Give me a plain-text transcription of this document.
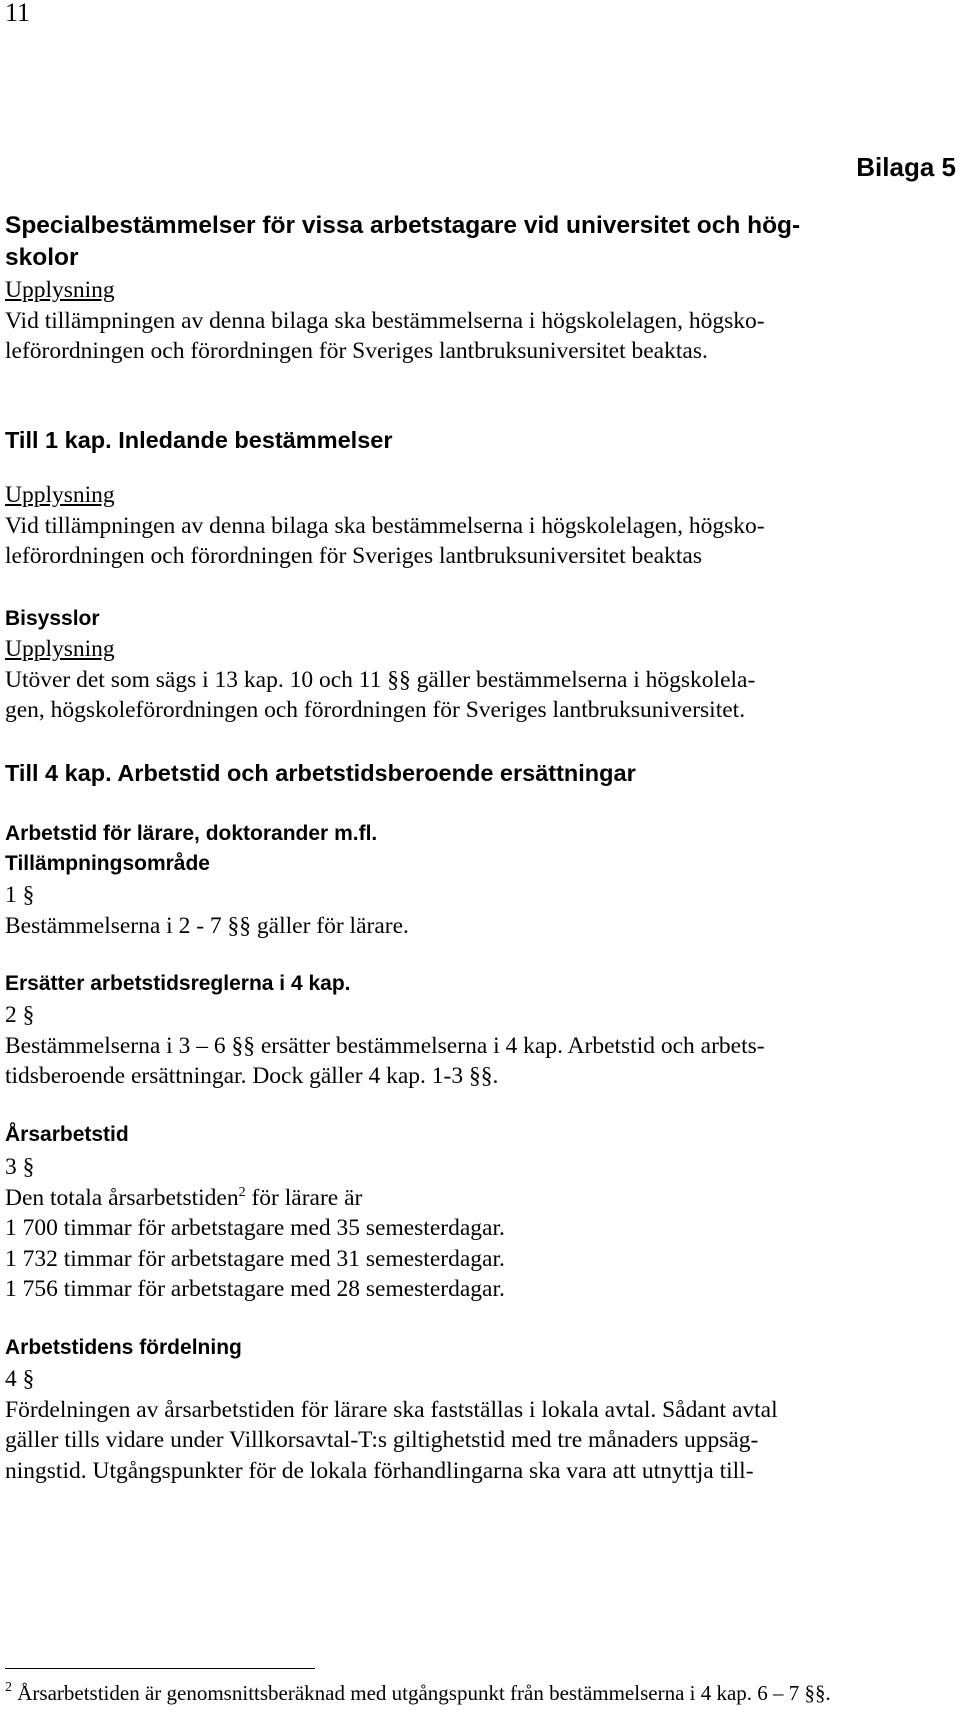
11
Bilaga 5
Specialbestämmelser för vissa arbetstagare vid universitet och hög-
skolor
Upplysning
Vid tillämpningen av denna bilaga ska bestämmelserna i högskolelagen, högsko-
leförordningen och förordningen för Sveriges lantbruksuniversitet beaktas.
Till 1 kap. Inledande bestämmelser
Upplysning
Vid tillämpningen av denna bilaga ska bestämmelserna i högskolelagen, högsko-
leförordningen och förordningen för Sveriges lantbruksuniversitet beaktas
Bisysslor
Upplysning
Utöver det som sägs i 13 kap. 10 och 11 §§ gäller bestämmelserna i högskolela-
gen, högskoleförordningen och förordningen för Sveriges lantbruksuniversitet.
Till 4 kap. Arbetstid och arbetstidsberoende ersättningar
Arbetstid för lärare, doktorander m.fl.
Tillämpningsområde
1 §
Bestämmelserna i 2 - 7 §§ gäller för lärare.
Ersätter arbetstidsreglerna i 4 kap.
2 §
Bestämmelserna i 3 – 6 §§ ersätter bestämmelserna i 4 kap. Arbetstid och arbets-
tidsberoende ersättningar. Dock gäller 4 kap. 1-3 §§.
Årsarbetstid
3 §
Den totala årsarbetstiden$^2$ för lärare är
1 700 timmar för arbetstagare med 35 semesterdagar.
1 732 timmar för arbetstagare med 31 semesterdagar.
1 756 timmar för arbetstagare med 28 semesterdagar.
Arbetstidens fördelning
4 §
Fördelningen av årsarbetstiden för lärare ska fastställas i lokala avtal. Sådant avtal
gäller tills vidare under Villkorsavtal-T:s giltighetstid med tre månaders uppsäg-
ningstid. Utgångspunkter för de lokala förhandlingarna ska vara att utnyttja till-
$^2$ Årsarbetstiden är genomsnittsberäknad med utgångspunkt från bestämmelserna i 4 kap. 6 – 7 §§.
